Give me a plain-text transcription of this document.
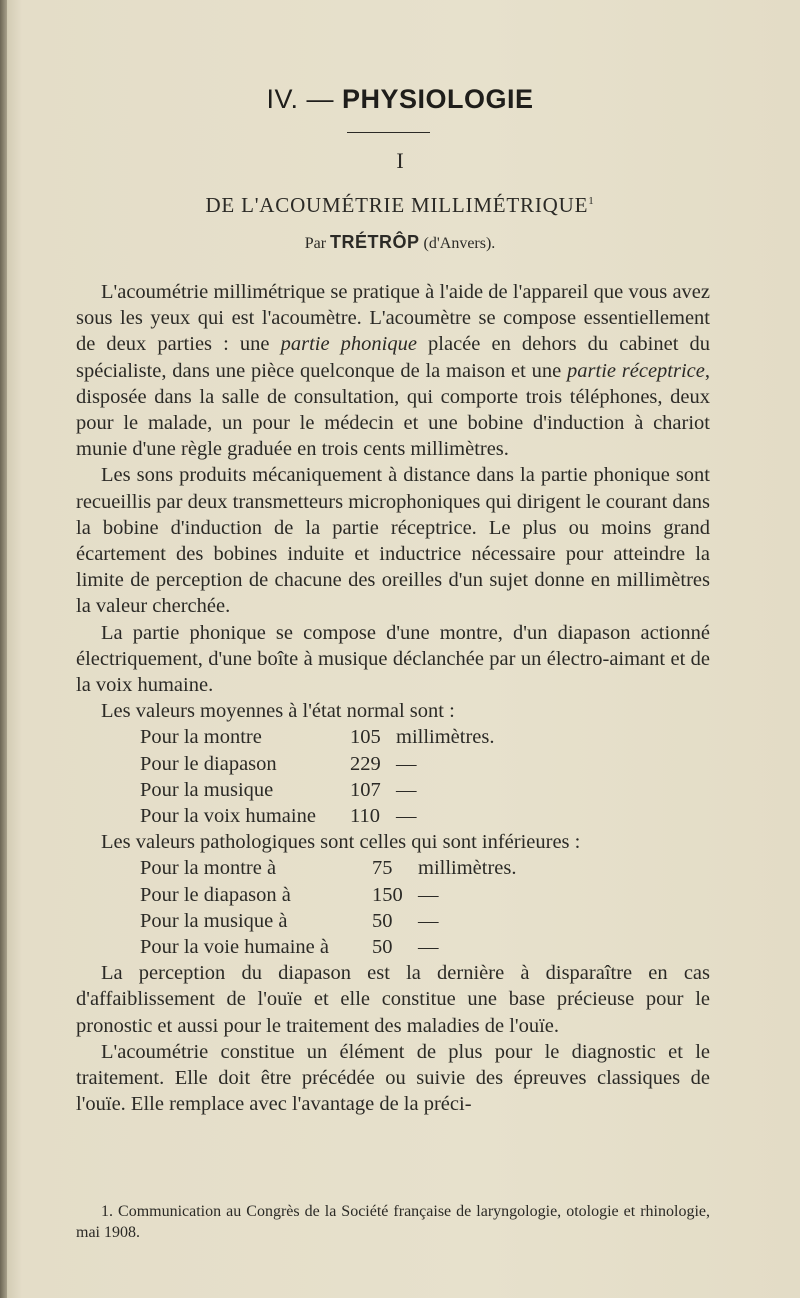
IV. — PHYSIOLOGIE
I
DE L'ACOUMÉTRIE MILLIMÉTRIQUE$^1$
Par TRÉTRÔP (d'Anvers).

L'acoumétrie millimétrique se pratique à l'aide de l'appareil que vous avez sous les yeux qui est l'acoumètre. L'acoumètre se compose essentiellement de deux parties : une partie phonique placée en dehors du cabinet du spécialiste, dans une pièce quelconque de la maison et une partie réceptrice, disposée dans la salle de consultation, qui comporte trois téléphones, deux pour le malade, un pour le médecin et une bobine d'induction à chariot munie d'une règle graduée en trois cents millimètres.

Les sons produits mécaniquement à distance dans la partie phonique sont recueillis par deux transmetteurs microphoniques qui dirigent le courant dans la bobine d'induction de la partie réceptrice. Le plus ou moins grand écartement des bobines induite et inductrice nécessaire pour atteindre la limite de perception de chacune des oreilles d'un sujet donne en millimètres la valeur cherchée.

La partie phonique se compose d'une montre, d'un diapason actionné électriquement, d'une boîte à musique déclanchée par un électro-aimant et de la voix humaine.

Les valeurs moyennes à l'état normal sont :

Pour la montre	105 millimètres.
Pour le diapason	229 —
Pour la musique	107 —
Pour la voix humaine	110 —

Les valeurs pathologiques sont celles qui sont inférieures :

Pour la montre à	75	millimètres.
Pour le diapason à	150 —
Pour la musique à	50	—
Pour la voie humaine à	50	—

La perception du diapason est la dernière à disparaître en cas d'affaiblissement de l'ouïe et elle constitue une base précieuse pour le pronostic et aussi pour le traitement des maladies de l'ouïe.

L'acoumétrie constitue un élément de plus pour le diagnostic et le traitement. Elle doit être précédée ou suivie des épreuves classiques de l'ouïe. Elle remplace avec l'avantage de la préci-

1. Communication au Congrès de la Société française de laryngologie, otologie et rhinologie, mai 1908.
